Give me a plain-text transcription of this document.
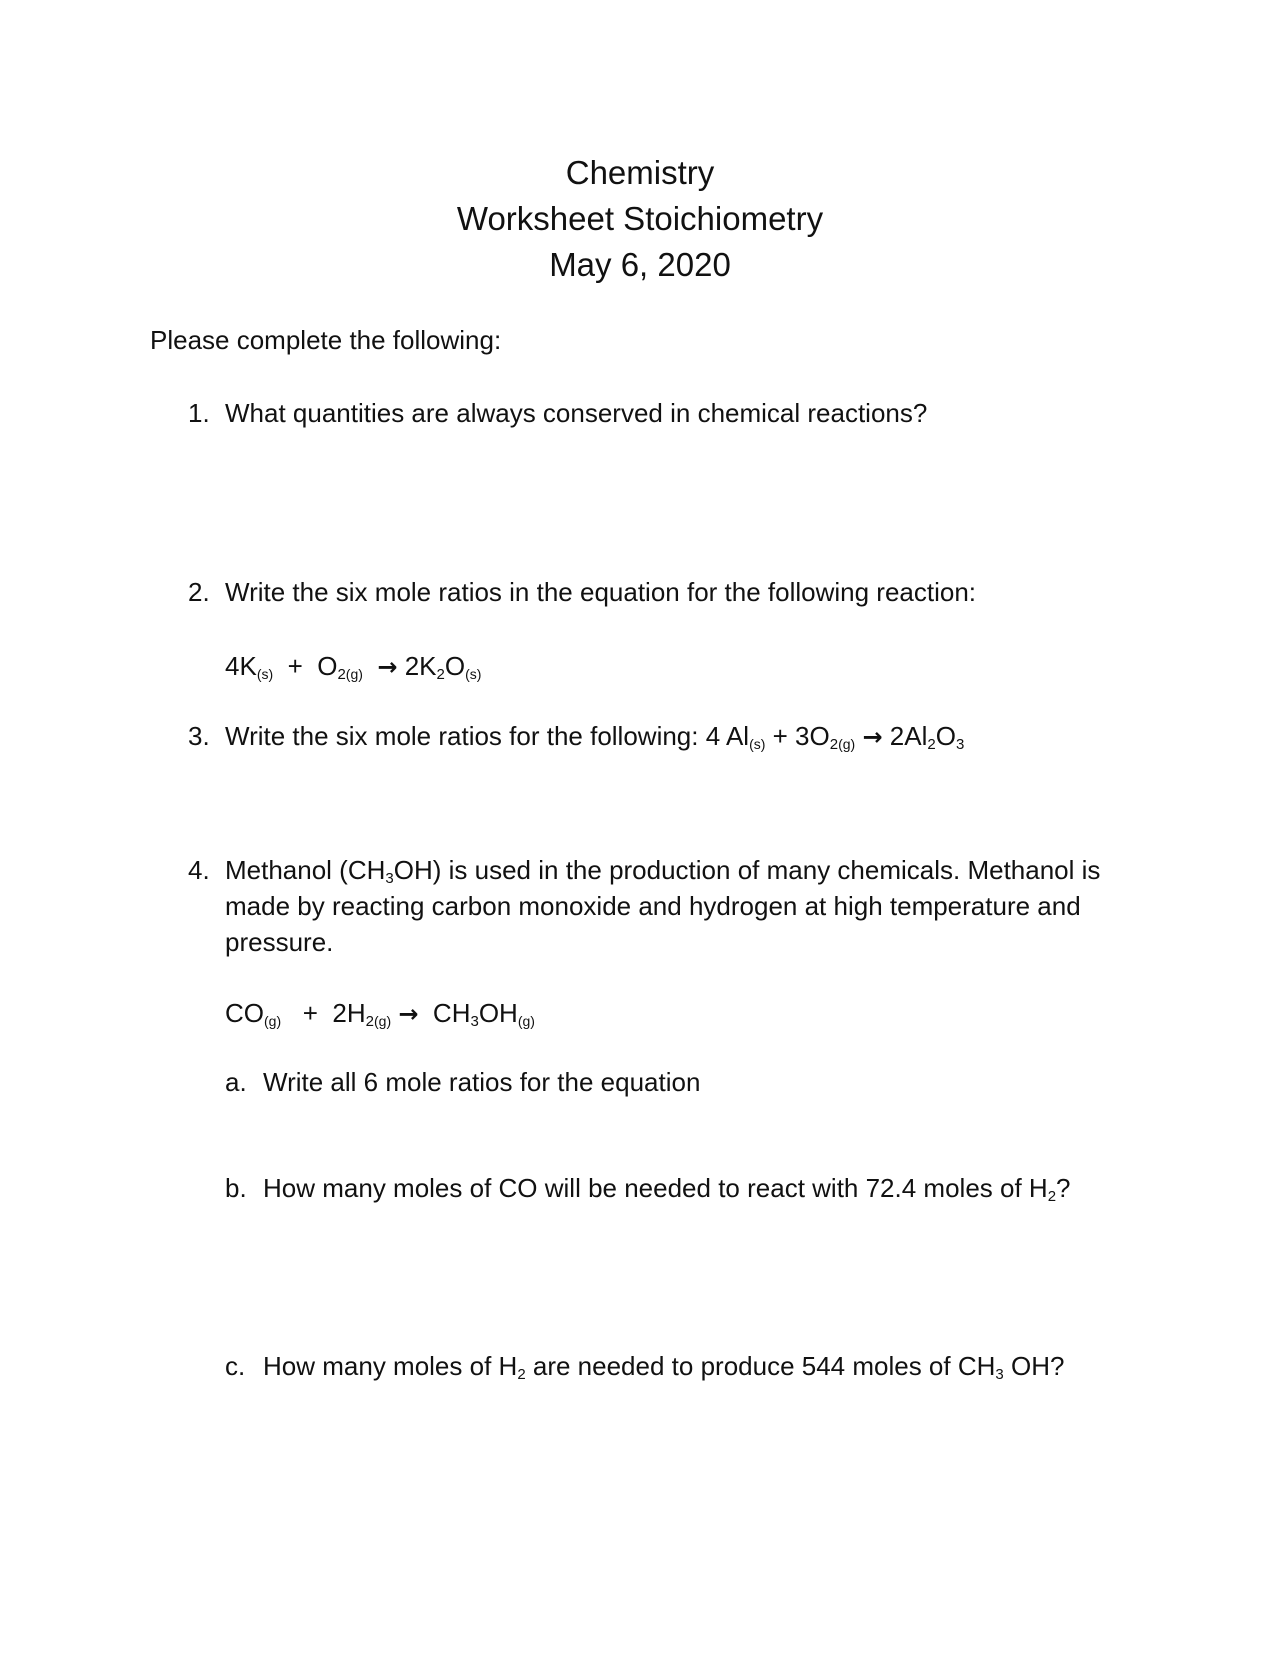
Chemistry
Worksheet Stoichiometry
May 6, 2020
Please complete the following:
1. What quantities are always conserved in chemical reactions?
2. Write the six mole ratios in the equation for the following reaction:
$4K_{(s)} + O_{2(g)} \to 2K_2O_{(s)}$
3. Write the six mole ratios for the following: 4 $Al_{(s)} + 3O_{2(g)} \to 2Al_2O_3$
4. Methanol $(CH_3OH)$ is used in the production of many chemicals. Methanol is made by reacting carbon monoxide and hydrogen at high temperature and pressure.
$CO_{(g)} + 2H_{2(g)} \to CH_3OH_{(g)}$
a. Write all 6 mole ratios for the equation
b. How many moles of CO will be needed to react with 72.4 moles of $H_2$?
c. How many moles of $H_2$ are needed to produce 544 moles of $CH_3$ OH?
